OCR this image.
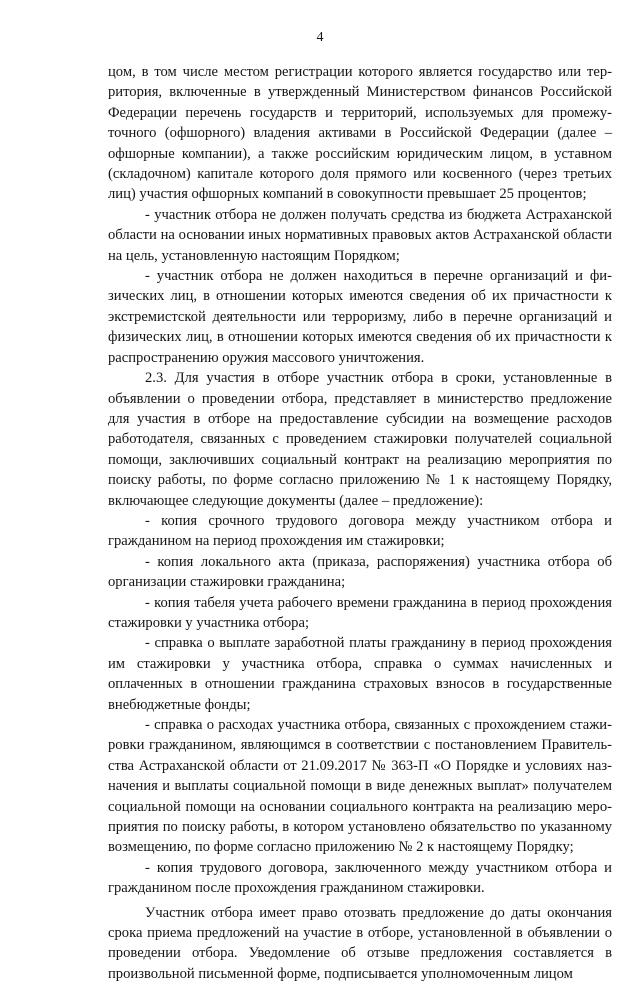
4

цом, в том числе местом регистрации которого является государство или территория, включенные в утвержденный Министерством финансов Российской Федерации перечень государств и территорий, используемых для промежуточного (офшорного) владения активами в Российской Федерации (далее – офшорные компании), а также российским юридическим лицом, в уставном (складочном) капитале которого доля прямого или косвенного (через третьих лиц) участия офшорных компаний в совокупности превышает 25 процентов;

- участник отбора не должен получать средства из бюджета Астраханской области на основании иных нормативных правовых актов Астраханской области на цель, установленную настоящим Порядком;

- участник отбора не должен находиться в перечне организаций и физических лиц, в отношении которых имеются сведения об их причастности к экстремистской деятельности или терроризму, либо в перечне организаций и физических лиц, в отношении которых имеются сведения об их причастности к распространению оружия массового уничтожения.

2.3. Для участия в отборе участник отбора в сроки, установленные в объявлении о проведении отбора, представляет в министерство предложение для участия в отборе на предоставление субсидии на возмещение расходов работодателя, связанных с проведением стажировки получателей социальной помощи, заключивших социальный контракт на реализацию мероприятия по поиску работы, по форме согласно приложению № 1 к настоящему Порядку, включающее следующие документы (далее – предложение):

- копия срочного трудового договора между участником отбора и гражданином на период прохождения им стажировки;

- копия локального акта (приказа, распоряжения) участника отбора об организации стажировки гражданина;

- копия табеля учета рабочего времени гражданина в период прохождения стажировки у участника отбора;

- справка о выплате заработной платы гражданину в период прохождения им стажировки у участника отбора, справка о суммах начисленных и оплаченных в отношении гражданина страховых взносов в государственные внебюджетные фонды;

- справка о расходах участника отбора, связанных с прохождением стажировки гражданином, являющимся в соответствии с постановлением Правительства Астраханской области от 21.09.2017 № 363-П «О Порядке и условиях назначения и выплаты социальной помощи в виде денежных выплат» получателем социальной помощи на основании социального контракта на реализацию мероприятия по поиску работы, в котором установлено обязательство по указанному возмещению, по форме согласно приложению № 2 к настоящему Порядку;

- копия трудового договора, заключенного между участником отбора и гражданином после прохождения гражданином стажировки.

Участник отбора имеет право отозвать предложение до даты окончания срока приема предложений на участие в отборе, установленной в объявлении о проведении отбора. Уведомление об отзыве предложения составляется в произвольной письменной форме, подписывается уполномоченным лицом
